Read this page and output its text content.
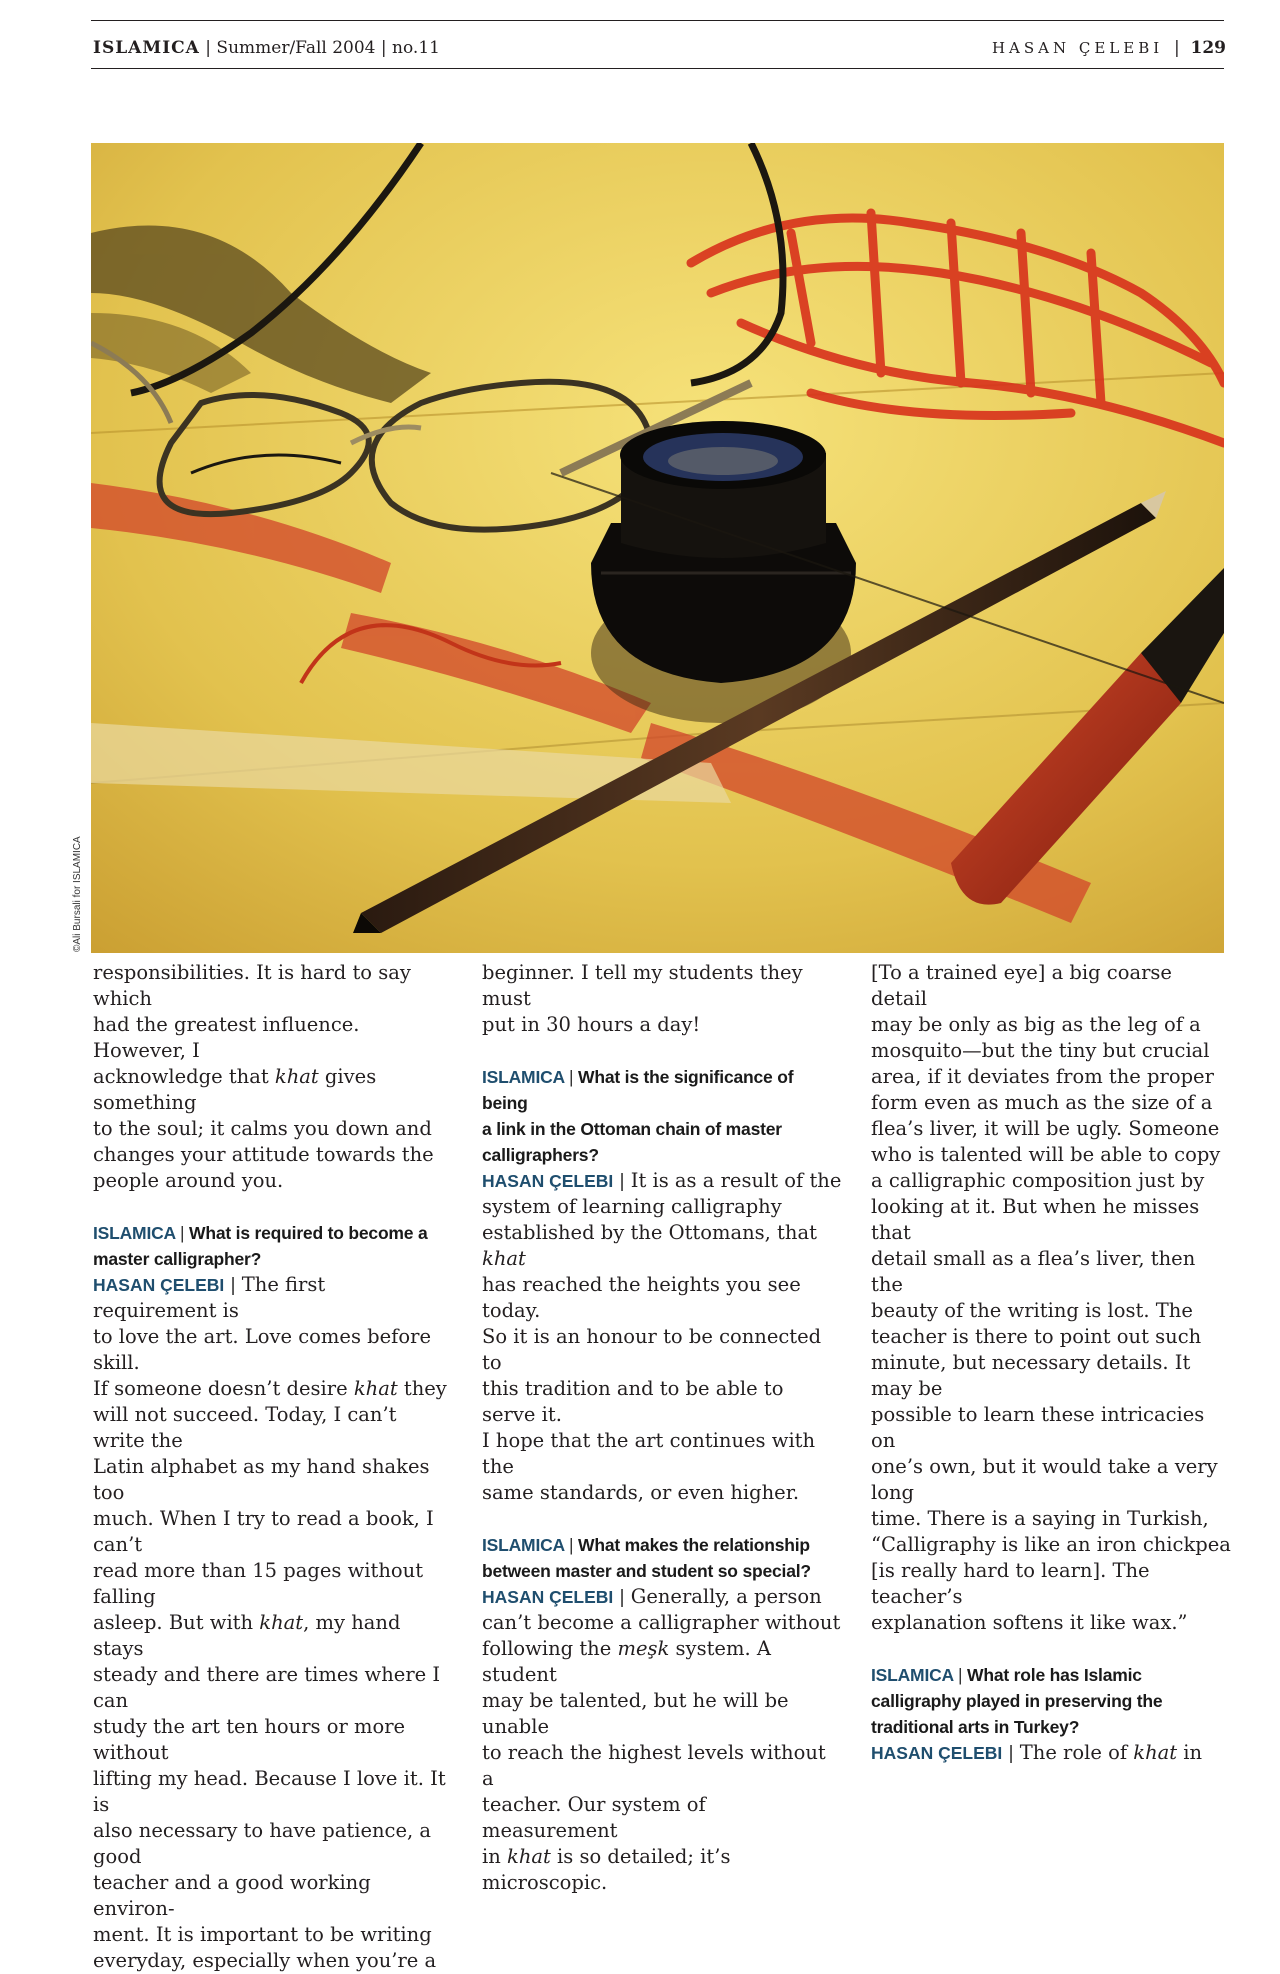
ISLAMICA | Summer/Fall 2004 | no.11	HASAN ÇELEBI | 129
©Ali Bursali for ISLAMICA

responsibilities. It is hard to say which
had the greatest influence. However, I
acknowledge that khat gives something
to the soul; it calms you down and
changes your attitude towards the
people around you.

ISLAMICA | What is required to become a
master calligrapher?

HASAN ÇELEBI | The first requirement is
to love the art. Love comes before skill.
If someone doesn’t desire khat they
will not succeed. Today, I can’t write the
Latin alphabet as my hand shakes too
much. When I try to read a book, I can’t
read more than 15 pages without falling
asleep. But with khat, my hand stays
steady and there are times where I can
study the art ten hours or more without
lifting my head. Because I love it. It is
also necessary to have patience, a good
teacher and a good working environ-
ment. It is important to be writing
everyday, especially when you’re a

beginner. I tell my students they must
put in 30 hours a day!

ISLAMICA | What is the significance of being
a link in the Ottoman chain of master
calligraphers?

HASAN ÇELEBI | It is as a result of the
system of learning calligraphy
established by the Ottomans, that khat
has reached the heights you see today.
So it is an honour to be connected to
this tradition and to be able to serve it.
I hope that the art continues with the
same standards, or even higher.

ISLAMICA | What makes the relationship
between master and student so special?

HASAN ÇELEBI | Generally, a person
can’t become a calligrapher without
following the meşk system. A student
may be talented, but he will be unable
to reach the highest levels without a
teacher. Our system of measurement
in khat is so detailed; it’s microscopic.

[To a trained eye] a big coarse detail
may be only as big as the leg of a
mosquito—but the tiny but crucial
area, if it deviates from the proper
form even as much as the size of a
flea’s liver, it will be ugly. Someone
who is talented will be able to copy
a calligraphic composition just by
looking at it. But when he misses that
detail small as a flea’s liver, then the
beauty of the writing is lost. The
teacher is there to point out such
minute, but necessary details. It may be
possible to learn these intricacies on
one’s own, but it would take a very long
time. There is a saying in Turkish,
“Calligraphy is like an iron chickpea
[is really hard to learn]. The teacher’s
explanation softens it like wax.”

ISLAMICA | What role has Islamic
calligraphy played in preserving the
traditional arts in Turkey?

HASAN ÇELEBI | The role of khat in
